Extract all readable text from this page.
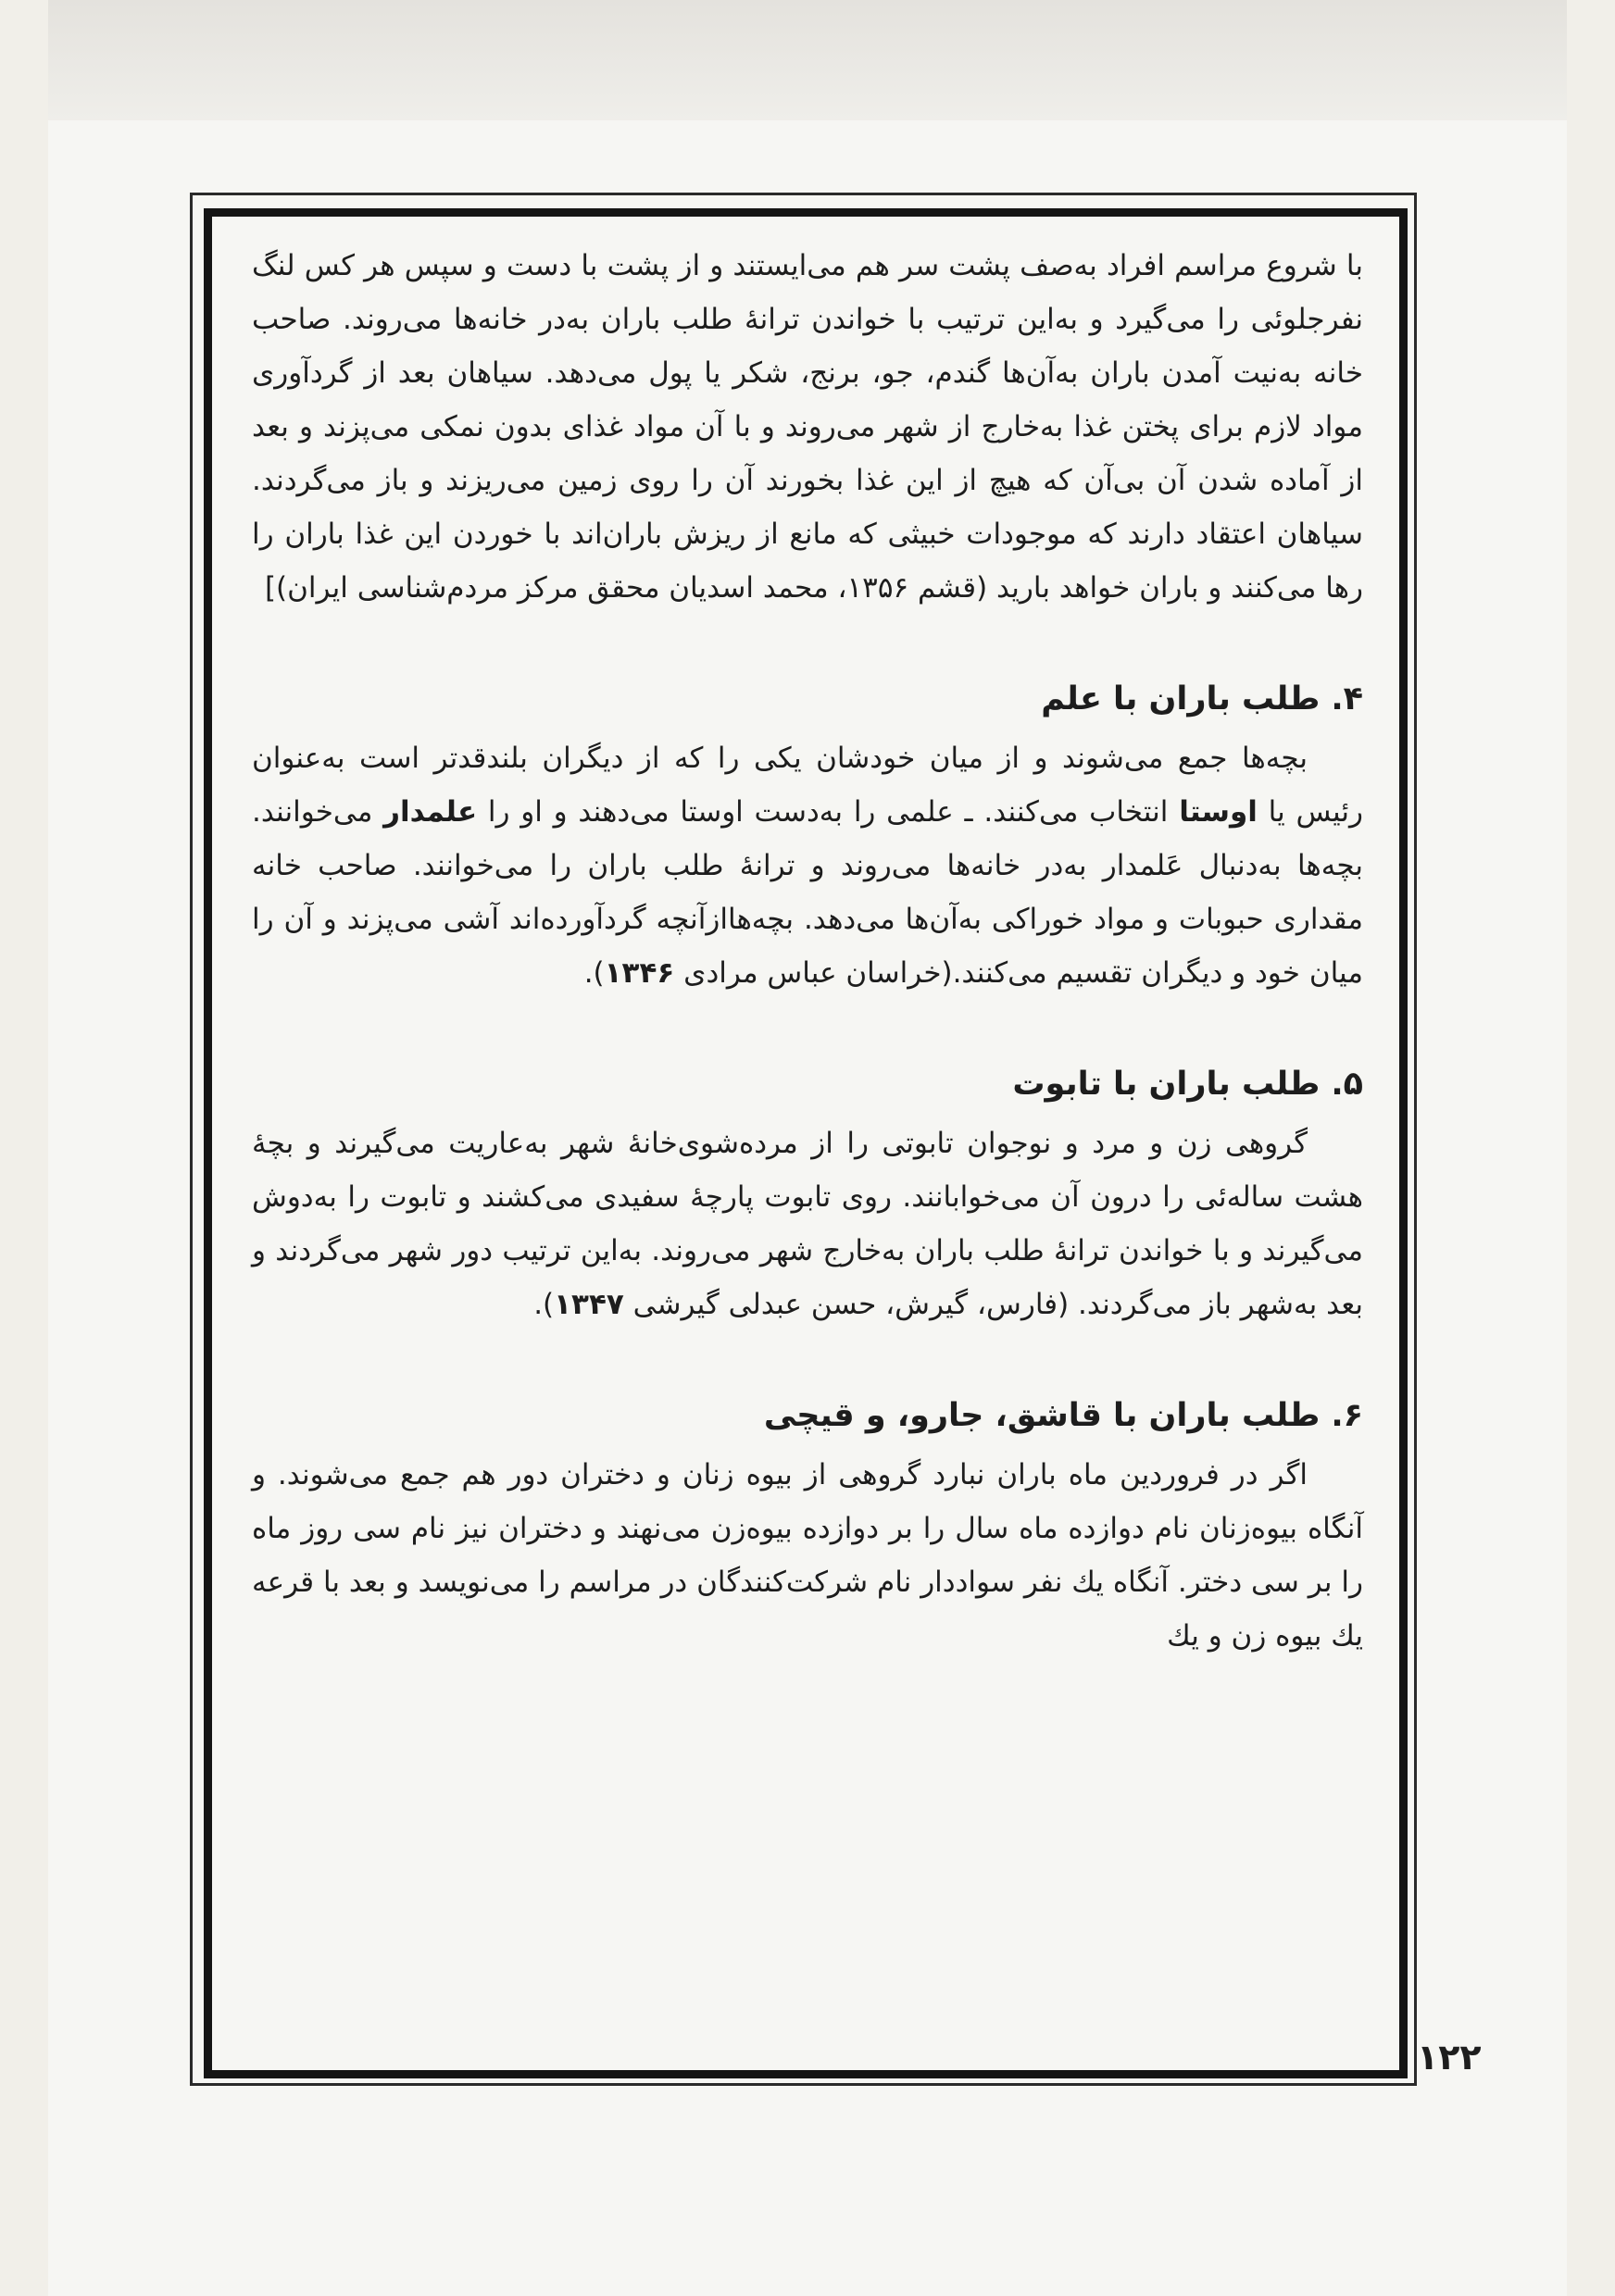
با شروع مراسم افراد به‌صف پشت سر هم می‌ایستند و از پشت با دست و سپس هر کس لنگ نفرجلوئی را می‌گیرد و به‌این ترتیب با خواندن ترانهٔ طلب باران به‌در خانه‌ها می‌روند. صاحب خانه به‌نیت آمدن باران به‌آن‌ها گندم، جو، برنج، شکر یا پول می‌دهد. سیاهان بعد از گردآوری مواد لازم برای پختن غذا به‌خارج از شهر می‌روند و با آن مواد غذای بدون نمکی می‌پزند و بعد از آماده شدن آن بی‌آن که هیچ از این غذا بخورند آن را روی زمین می‌ریزند و باز می‌گردند. سیاهان اعتقاد دارند که موجودات خبیثی که مانع از ریزش باران‌اند با خوردن این غذا باران را رها می‌کنند و باران خواهد بارید (قشم ۱۳۵۶، محمد اسدیان محقق مرکز مردم‌شناسی ایران)]

۴.طلب باران با علم

بچه‌ها جمع می‌شوند و از میان خودشان یکی را که از دیگران بلندقدتر است به‌عنوان رئیس یا اوستا انتخاب می‌کنند. ـ علمی را به‌دست اوستا می‌دهند و او را علمدار می‌خوانند. بچه‌ها به‌دنبال عَلمدار به‌در خانه‌ها می‌روند و ترانهٔ طلب باران را می‌خوانند. صاحب خانه مقداری حبوبات و مواد خوراکی به‌آن‌ها می‌دهد. بچه‌هاازآنچه گردآورده‌اند آشی می‌پزند و آن را میان خود و دیگران تقسیم می‌کنند.(خراسان عباس مرادی ۱۳۴۶).

۵.طلب باران با تابوت

گروهی زن و مرد و نوجوان تابوتی را از مرده‌شوی‌خانهٔ شهر به‌عاریت می‌گیرند و بچهٔ هشت ساله‌ئی را درون آن می‌خوابانند. روی تابوت پارچهٔ سفیدی می‌کشند و تابوت را به‌دوش می‌گیرند و با خواندن ترانهٔ طلب باران به‌خارج شهر می‌روند. به‌این ترتیب دور شهر می‌گردند و بعد به‌شهر باز می‌گردند. (فارس، گیرش، حسن عبدلی گیرشی ۱۳۴۷).

۶.طلب باران با قاشق، جارو، و قیچی

اگر در فروردین ماه باران نبارد گروهی از بیوه زنان و دختران دور هم جمع می‌شوند. و آنگاه بیوه‌زنان نام دوازده ماه سال را بر دوازده بیوه‌زن می‌نهند و دختران نیز نام سی روز ماه را بر سی دختر. آنگاه یك نفر سواددار نام شرکت‌کنندگان در مراسم را می‌نویسد و بعد با قرعه یك بیوه زن و یك

۱۲۲
